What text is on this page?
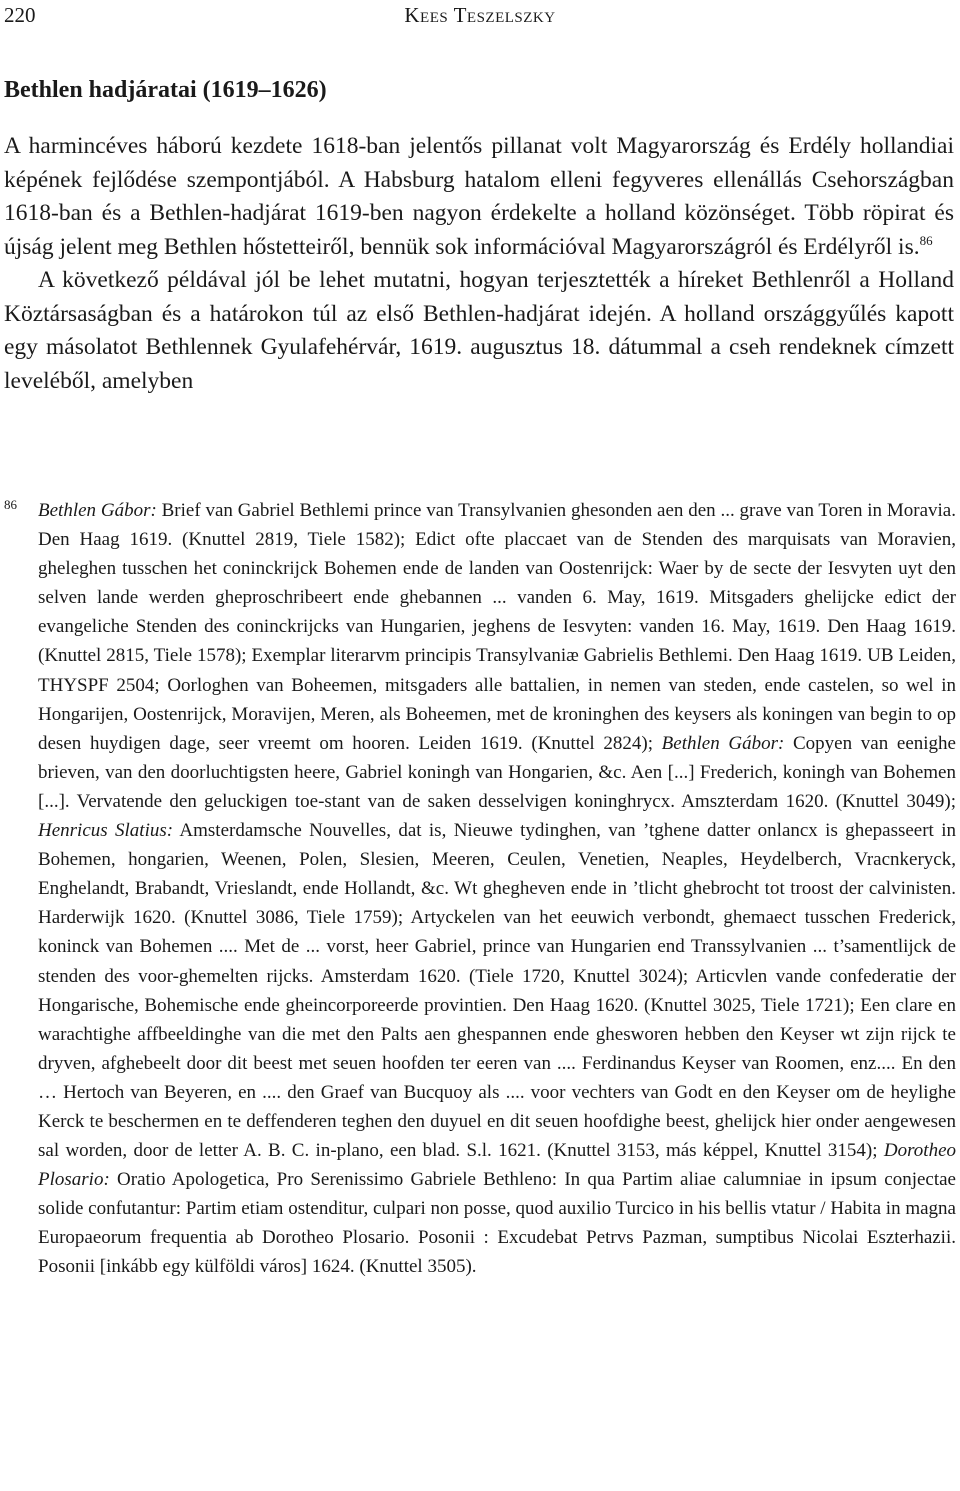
220	Kees Teszelszky
Bethlen hadjáratai (1619–1626)

A harmincéves háború kezdete 1618-ban jelentős pillanat volt Magyarország és Erdély hollandiai képének fejlődése szempontjából. A Habsburg hatalom elleni fegyveres ellenállás Csehországban 1618-ban és a Bethlen-hadjárat 1619-ben nagyon érdekelte a holland közönséget. Több röpirat és újság jelent meg Bethlen hőstetteiről, bennük sok információval Magyarországról és Erdélyről is.$^{86}$

A következő példával jól be lehet mutatni, hogyan terjesztették a híreket Bethlenről a Holland Köztársaságban és a határokon túl az első Bethlen-hadjárat idején. A holland országgyűlés kapott egy másolatot Bethlennek Gyulafehérvár, 1619. augusztus 18. dátummal a cseh rendeknek címzett leveléből, amelyben

86 Bethlen Gábor: Brief van Gabriel Bethlemi prince van Transylvanien ghesonden aen den ... grave van Toren in Moravia. Den Haag 1619. (Knuttel 2819, Tiele 1582); Edict ofte placcaet van de Stenden des marquisats van Moravien, gheleghen tusschen het coninckrijck Bohemen ende de landen van Oostenrijck: Waer by de secte der Iesvyten uyt den selven lande werden gheproschribeert ende ghebannen ... vanden 6. May, 1619. Mitsgaders ghelijcke edict der evangeliche Stenden des coninckrijcks van Hungarien, jeghens de Iesvyten: vanden 16. May, 1619. Den Haag 1619. (Knuttel 2815, Tiele 1578); Exemplar literarvm principis Transylvaniæ Gabrielis Bethlemi. Den Haag 1619. UB Leiden, THYSPF 2504; Oorloghen van Boheemen, mitsgaders alle battalien, in nemen van steden, ende castelen, so wel in Hongarijen, Oostenrijck, Moravijen, Meren, als Boheemen, met de kroninghen des keysers als koningen van begin to op desen huydigen dage, seer vreemt om hooren. Leiden 1619. (Knuttel 2824); Bethlen Gábor: Copyen van eenighe brieven, van den doorluchtigsten heere, Gabriel koningh van Hongarien, &c. Aen [...] Frederich, koningh van Bohemen [...]. Vervatende den geluckigen toe-stant van de saken desselvigen koninghrycx. Amszterdam 1620. (Knuttel 3049); Henricus Slatius: Amsterdamsche Nouvelles, dat is, Nieuwe tydinghen, van ’tghene datter onlancx is ghepasseert in Bohemen, hongarien, Weenen, Polen, Slesien, Meeren, Ceulen, Venetien, Neaples, Heydelberch, Vracnkeryck, Enghelandt, Brabandt, Vrieslandt, ende Hollandt, &c. Wt ghegheven ende in ’tlicht ghebrocht tot troost der calvinisten. Harderwijk 1620. (Knuttel 3086, Tiele 1759); Artyckelen van het eeuwich verbondt, ghemaect tusschen Frederick, koninck van Bohemen .... Met de ... vorst, heer Gabriel, prince van Hungarien end Transsylvanien ... t’samentlijck de stenden des voor-ghemelten rijcks. Amsterdam 1620. (Tiele 1720, Knuttel 3024); Articvlen vande confederatie der Hongarische, Bohemische ende gheincorporeerde provintien. Den Haag 1620. (Knuttel 3025, Tiele 1721); Een clare en warachtighe affbeeldinghe van die met den Palts aen ghespannen ende ghesworen hebben den Keyser wt zijn rijck te dryven, afghebeelt door dit beest met seuen hoofden ter eeren van .... Ferdinandus Keyser van Roomen, enz.... En den … Hertoch van Beyeren, en .... den Graef van Bucquoy als .... voor vechters van Godt en den Keyser om de heylighe Kerck te beschermen en te deffenderen teghen den duyuel en dit seuen hoofdighe beest, ghelijck hier onder aengewesen sal worden, door de letter A. B. C. in-plano, een blad. S.l. 1621. (Knuttel 3153, más képpel, Knuttel 3154); Dorotheo Plosario: Oratio Apologetica, Pro Serenissimo Gabriele Bethleno: In qua Partim aliae calumniae in ipsum conjectae solide confutantur: Partim etiam ostenditur, culpari non posse, quod auxilio Turcico in his bellis vtatur / Habita in magna Europaeorum frequentia ab Dorotheo Plosario. Posonii : Excudebat Petrvs Pazman, sumptibus Nicolai Eszterhazii. Posonii [inkább egy külföldi város] 1624. (Knuttel 3505).
